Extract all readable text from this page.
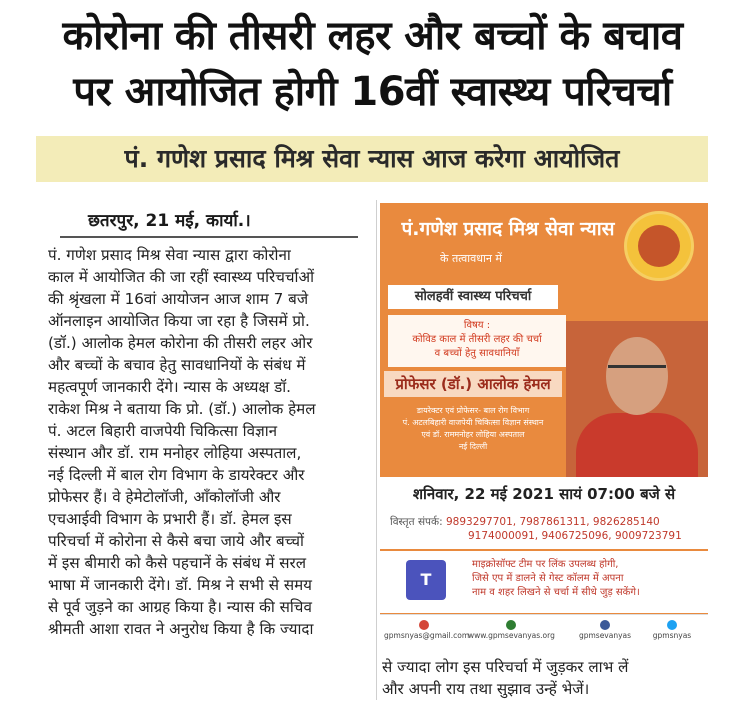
कोरोना की तीसरी लहर और बच्चों के बचाव
पर आयोजित होगी 16वीं स्वास्थ्य परिचर्चा
पं. गणेश प्रसाद मिश्र सेवा न्यास आज करेगा आयोजित
छतरपुर, 21 मई, कार्या.।
पं. गणेश प्रसाद मिश्र सेवा न्यास द्वारा कोरोना
काल में आयोजित की जा रहीं स्वास्थ्य परिचर्चाओं
की श्रृंखला में 16वां आयोजन आज शाम 7 बजे
ऑनलाइन आयोजित किया जा रहा है जिसमें प्रो.
(डॉ.) आलोक हेमल कोरोना की तीसरी लहर ओर
और बच्चों के बचाव हेतु सावधानियों के संबंध में
महत्वपूर्ण जानकारी देंगे। न्यास के अध्यक्ष डॉ.
राकेश मिश्र ने बताया कि प्रो. (डॉ.) आलोक हेमल
पं. अटल बिहारी वाजपेयी चिकित्सा विज्ञान
संस्थान और डॉ. राम मनोहर लोहिया अस्पताल,
नई दिल्ली में बाल रोग विभाग के डायरेक्टर और
प्रोफेसर हैं। वे हेमेटोलॉजी, ऑंकोलॉजी और
एचआईवी विभाग के प्रभारी हैं। डॉ. हेमल इस
परिचर्चा में कोरोना से कैसे बचा जाये और बच्चों
में इस बीमारी को कैसे पहचानें के संबंध में सरल
भाषा में जानकारी देंगे। डॉ. मिश्र ने सभी से समय
से पूर्व जुड़ने का आग्रह किया है। न्यास की सचिव
श्रीमती आशा रावत ने अनुरोध किया है कि ज्यादा
पं.गणेश प्रसाद मिश्र सेवा न्यास
के तत्वावधान में
सोलहवीं स्वास्थ्य परिचर्चा
विषय :
कोविड काल में तीसरी लहर की चर्चा
व बच्चों हेतु सावधानियाँ
प्रोफेसर (डॉ.) आलोक हेमल
डायरेक्टर एवं प्रोफेसर- बाल रोग विभाग
पं. अटलबिहारी वाजपेयी चिकित्सा विज्ञान संस्थान
एवं डॉ. राममनोहर लोहिया अस्पताल
नई दिल्ली
शनिवार, 22 मई 2021 सायं 07:00 बजे से
विस्तृत संपर्क: 9893297701, 7987861311, 9826285140
9174000091, 9406725096, 9009723791
T
माइक्रोसॉफ्ट टीम पर लिंक उपलब्ध होगी,
जिसे एप में डालने से गेस्ट कॉलम में अपना
नाम व शहर लिखने से चर्चा में सीधे जुड़ सकेंगे।
gpmsnyas@gmail.com
www.gpmsevanyas.org	gpmsevanyas	gpmsnyas
से ज्यादा लोग इस परिचर्चा में जुड़कर लाभ लें
और अपनी राय तथा सुझाव उन्हें भेजें।
